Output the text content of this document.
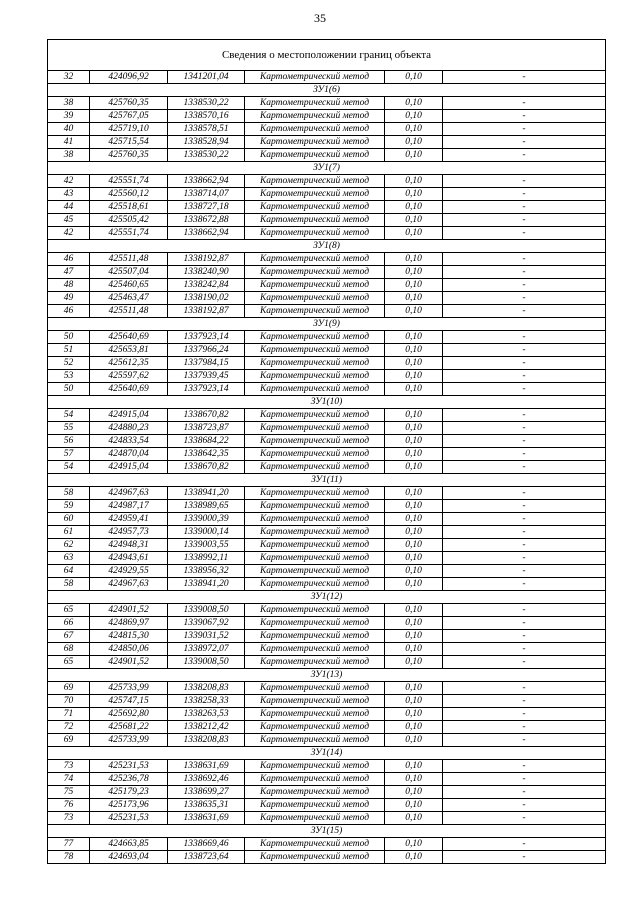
35
Сведения о местоположении границ объекта					
32	424096,92	1341201,04	Картометрический метод	0,10	-
ЗУ1(6)					
38	425760,35	1338530,22	Картометрический метод	0,10	-
39	425767,05	1338570,16	Картометрический метод	0,10	-
40	425719,10	1338578,51	Картометрический метод	0,10	-
41	425715,54	1338528,94	Картометрический метод	0,10	-
38	425760,35	1338530,22	Картометрический метод	0,10	-
ЗУ1(7)					
42	425551,74	1338662,94	Картометрический метод	0,10	-
43	425560,12	1338714,07	Картометрический метод	0,10	-
44	425518,61	1338727,18	Картометрический метод	0,10	-
45	425505,42	1338672,88	Картометрический метод	0,10	-
42	425551,74	1338662,94	Картометрический метод	0,10	-
ЗУ1(8)					
46	425511,48	1338192,87	Картометрический метод	0,10	-
47	425507,04	1338240,90	Картометрический метод	0,10	-
48	425460,65	1338242,84	Картометрический метод	0,10	-
49	425463,47	1338190,02	Картометрический метод	0,10	-
46	425511,48	1338192,87	Картометрический метод	0,10	-
ЗУ1(9)					
50	425640,69	1337923,14	Картометрический метод	0,10	-
51	425653,81	1337966,24	Картометрический метод	0,10	-
52	425612,35	1337984,15	Картометрический метод	0,10	-
53	425597,62	1337939,45	Картометрический метод	0,10	-
50	425640,69	1337923,14	Картометрический метод	0,10	-
ЗУ1(10)					
54	424915,04	1338670,82	Картометрический метод	0,10	-
55	424880,23	1338723,87	Картометрический метод	0,10	-
56	424833,54	1338684,22	Картометрический метод	0,10	-
57	424870,04	1338642,35	Картометрический метод	0,10	-
54	424915,04	1338670,82	Картометрический метод	0,10	-
ЗУ1(11)					
58	424967,63	1338941,20	Картометрический метод	0,10	-
59	424987,17	1338989,65	Картометрический метод	0,10	-
60	424959,41	1339000,39	Картометрический метод	0,10	-
61	424957,73	1339000,14	Картометрический метод	0,10	-
62	424948,31	1339003,55	Картометрический метод	0,10	-
63	424943,61	1338992,11	Картометрический метод	0,10	-
64	424929,55	1338956,32	Картометрический метод	0,10	-
58	424967,63	1338941,20	Картометрический метод	0,10	-
ЗУ1(12)					
65	424901,52	1339008,50	Картометрический метод	0,10	-
66	424869,97	1339067,92	Картометрический метод	0,10	-
67	424815,30	1339031,52	Картометрический метод	0,10	-
68	424850,06	1338972,07	Картометрический метод	0,10	-
65	424901,52	1339008,50	Картометрический метод	0,10	-
ЗУ1(13)					
69	425733,99	1338208,83	Картометрический метод	0,10	-
70	425747,15	1338258,33	Картометрический метод	0,10	-
71	425692,80	1338263,53	Картометрический метод	0,10	-
72	425681,22	1338212,42	Картометрический метод	0,10	-
69	425733,99	1338208,83	Картометрический метод	0,10	-
ЗУ1(14)					
73	425231,53	1338631,69	Картометрический метод	0,10	-
74	425236,78	1338692,46	Картометрический метод	0,10	-
75	425179,23	1338699,27	Картометрический метод	0,10	-
76	425173,96	1338635,31	Картометрический метод	0,10	-
73	425231,53	1338631,69	Картометрический метод	0,10	-
ЗУ1(15)					
77	424663,85	1338669,46	Картометрический метод	0,10	-
78	424693,04	1338723,64	Картометрический метод	0,10	-
